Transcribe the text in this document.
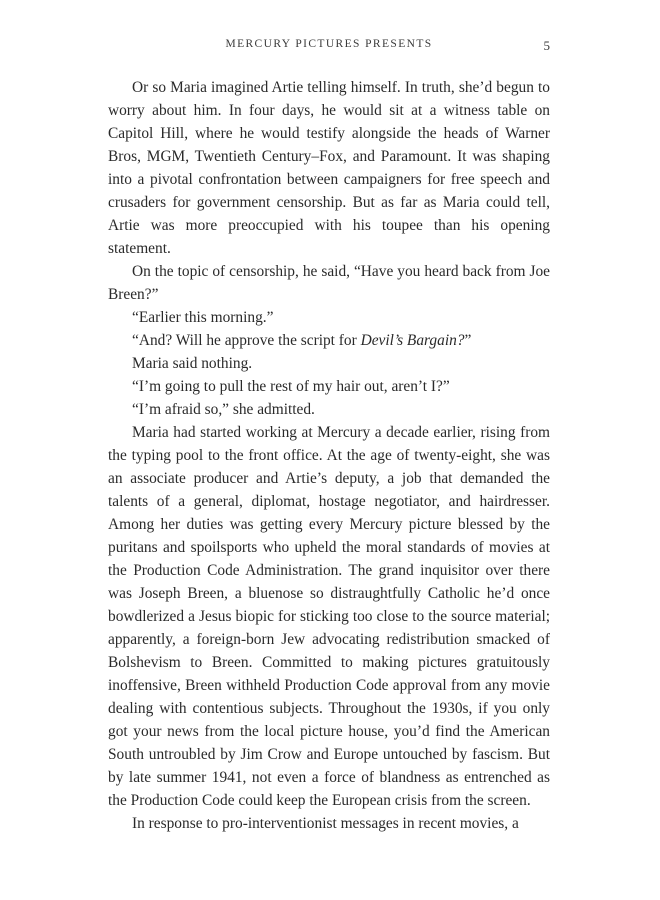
MERCURY PICTURES PRESENTS	5

Or so Maria imagined Artie telling himself. In truth, she’d begun to worry about him. In four days, he would sit at a witness table on Capitol Hill, where he would testify alongside the heads of Warner Bros, MGM, Twentieth Century–Fox, and Paramount. It was shaping into a pivotal confrontation between campaigners for free speech and crusaders for government censorship. But as far as Maria could tell, Artie was more preoccupied with his toupee than his opening statement.

On the topic of censorship, he said, “Have you heard back from Joe Breen?”

“Earlier this morning.”

“And? Will he approve the script for Devil’s Bargain?”

Maria said nothing.

“I’m going to pull the rest of my hair out, aren’t I?”

“I’m afraid so,” she admitted.

Maria had started working at Mercury a decade earlier, rising from the typing pool to the front office. At the age of twenty-eight, she was an associate producer and Artie’s deputy, a job that demanded the talents of a general, diplomat, hostage negotiator, and hairdresser. Among her duties was getting every Mercury picture blessed by the puritans and spoilsports who upheld the moral standards of movies at the Production Code Administration. The grand inquisitor over there was Joseph Breen, a bluenose so distraughtfully Catholic he’d once bowdlerized a Jesus biopic for sticking too close to the source material; apparently, a foreign-born Jew advocating redistribution smacked of Bolshevism to Breen. Committed to making pictures gratuitously inoffensive, Breen withheld Production Code approval from any movie dealing with contentious subjects. Throughout the 1930s, if you only got your news from the local picture house, you’d find the American South untroubled by Jim Crow and Europe untouched by fascism. But by late summer 1941, not even a force of blandness as entrenched as the Production Code could keep the European crisis from the screen.

In response to pro-interventionist messages in recent movies, a
